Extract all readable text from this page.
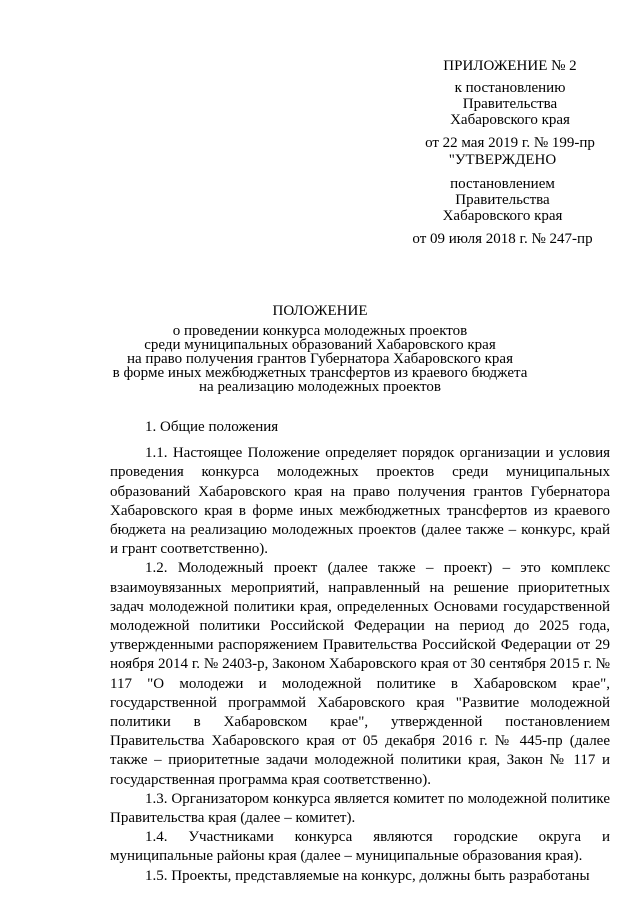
ПРИЛОЖЕНИЕ № 2
к постановлению
Правительства
Хабаровского края
от 22 мая 2019 г. № 199-пр
"УТВЕРЖДЕНО
постановлением
Правительства
Хабаровского края
от 09 июля 2018 г. № 247-пр
ПОЛОЖЕНИЕ
о проведении конкурса молодежных проектов
среди муниципальных образований Хабаровского края
на право получения грантов Губернатора Хабаровского края
в форме иных межбюджетных трансфертов из краевого бюджета
на реализацию молодежных проектов

1. Общие положения

1.1. Настоящее Положение определяет порядок организации и условия проведения конкурса молодежных проектов среди муниципальных образований Хабаровского края на право получения грантов Губернатора Хабаровского края в форме иных межбюджетных трансфертов из краевого бюджета на реализацию молодежных проектов (далее также – конкурс, край и грант соответственно).

1.2. Молодежный проект (далее также – проект) – это комплекс взаимоувязанных мероприятий, направленный на решение приоритетных задач молодежной политики края, определенных Основами государственной молодежной политики Российской Федерации на период до 2025 года, утвержденными распоряжением Правительства Российской Федерации от 29 ноября 2014 г. № 2403-р, Законом Хабаровского края от 30 сентября 2015 г. № 117 "О молодежи и молодежной политике в Хабаровском крае", государственной программой Хабаровского края "Развитие молодежной политики в Хабаровском крае", утвержденной постановлением Правительства Хабаровского края от 05 декабря 2016 г. № 445-пр (далее также – приоритетные задачи молодежной политики края, Закон № 117 и государственная программа края соответственно).

1.3. Организатором конкурса является комитет по молодежной политике Правительства края (далее – комитет).

1.4. Участниками конкурса являются городские округа и муниципальные районы края (далее – муниципальные образования края).

1.5. Проекты, представляемые на конкурс, должны быть разработаны
